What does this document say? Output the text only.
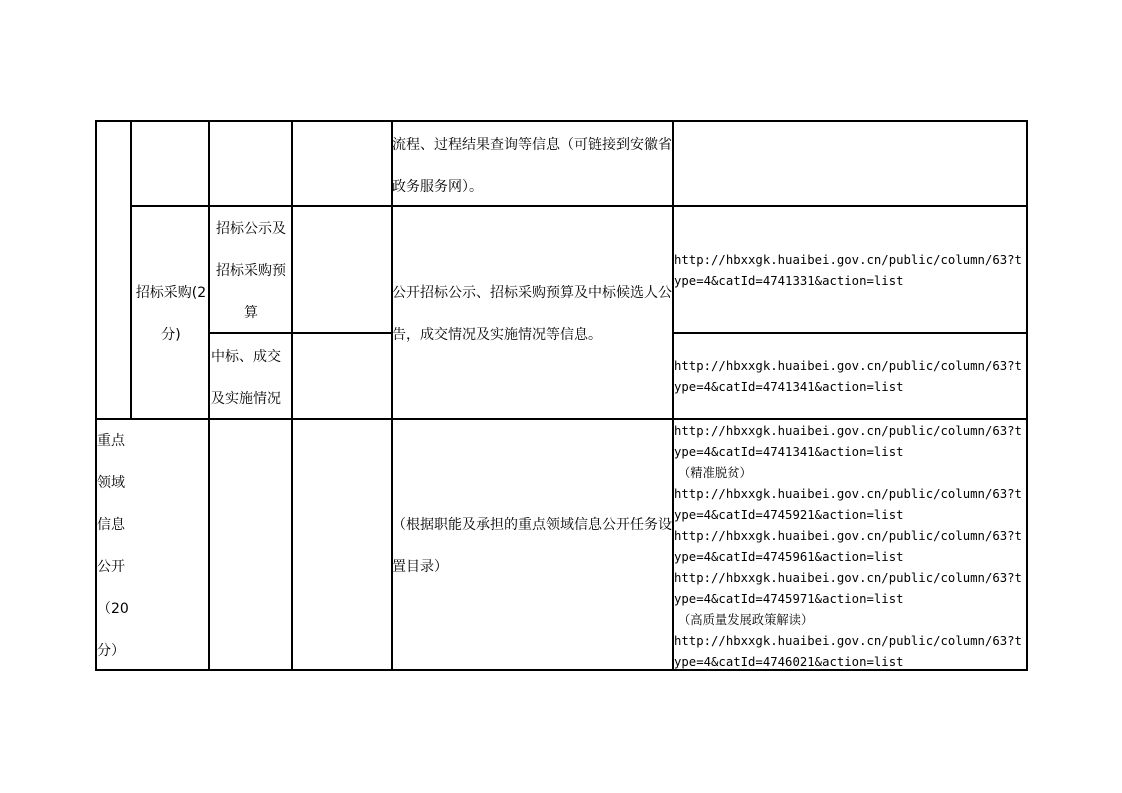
流程、过程结果查询等信息（可链接到安徽省政务服务网）。
招标采购(2分)
招标公示及招标采购预算
中标、成交及实施情况
公开招标公示、招标采购预算及中标候选人公告，成交情况及实施情况等信息。
http://hbxxgk.huaibei.gov.cn/public/column/63?type=4&catId=4741331&action=list
http://hbxxgk.huaibei.gov.cn/public/column/63?type=4&catId=4741341&action=list
重点领域信息公开（20分）
（根据职能及承担的重点领域信息公开任务设置目录）
http://hbxxgk.huaibei.gov.cn/public/column/63?type=4&catId=4741341&action=list
（精准脱贫）
http://hbxxgk.huaibei.gov.cn/public/column/63?type=4&catId=4745921&action=list
http://hbxxgk.huaibei.gov.cn/public/column/63?type=4&catId=4745961&action=list
http://hbxxgk.huaibei.gov.cn/public/column/63?type=4&catId=4745971&action=list
（高质量发展政策解读）
http://hbxxgk.huaibei.gov.cn/public/column/63?type=4&catId=4746021&action=list
